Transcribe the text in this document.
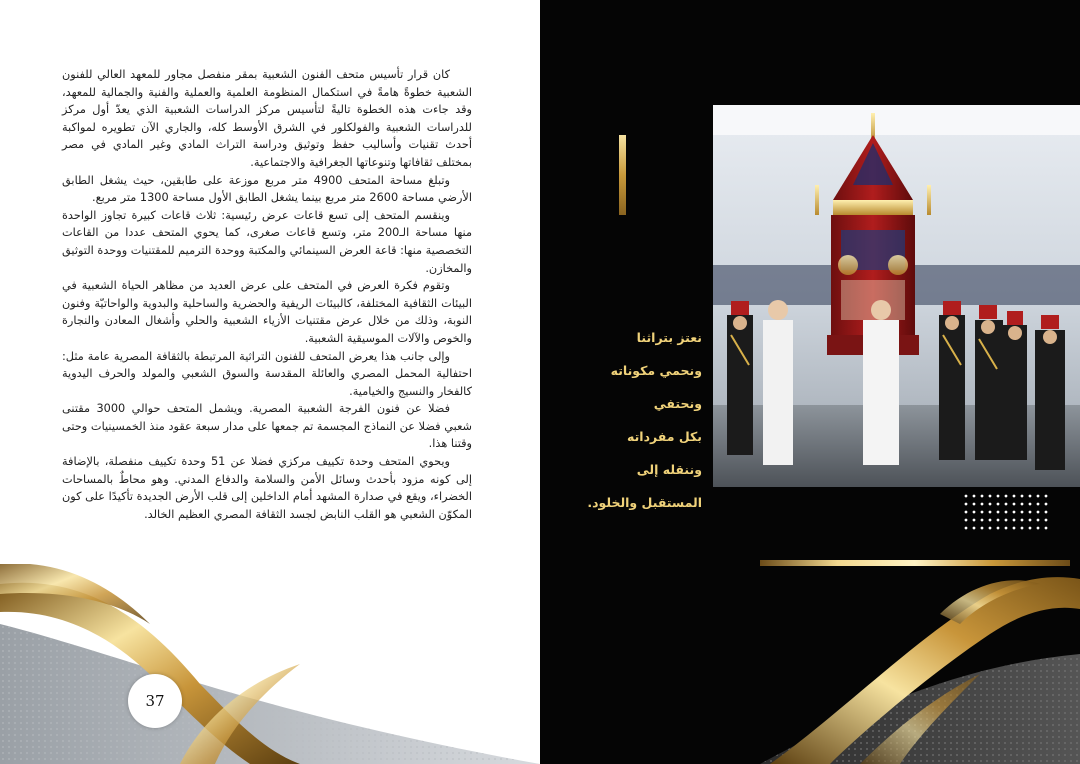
كان قرار تأسيس متحف الفنون الشعبية بمقر منفصل مجاور للمعهد العالي للفنون الشعبية خطوةً هامةً في استكمال المنظومة العلمية والعملية والفنية والجمالية للمعهد، وقد جاءت هذه الخطوة تاليةً لتأسيس مركز الدراسات الشعبية الذي يعدّ أول مركز للدراسات الشعبية والفولكلور في الشرق الأوسط كله، والجاري الآن تطويره لمواكبة أحدث تقنيات وأساليب حفظ وتوثيق ودراسة التراث المادي وغير المادي في مصر بمختلف ثقافاتها وتنوعاتها الجغرافية والاجتماعية.

وتبلغ مساحة المتحف 4900 متر مربع موزعة على طابقين، حيث يشغل الطابق الأرضي مساحة 2600 متر مربع بينما يشغل الطابق الأول مساحة 1300 متر مربع.

وينقسم المتحف إلى تسع قاعات عرض رئيسية: ثلاث قاعات كبيرة تجاوز الواحدة منها مساحة الـ200 متر، وتسع قاعات صغرى، كما يحوي المتحف عددا من القاعات التخصصية منها: قاعة العرض السينمائي والمكتبة ووحدة الترميم للمقتنيات ووحدة التوثيق والمخازن.

وتقوم فكرة العرض في المتحف على عرض العديد من مظاهر الحياة الشعبية في البيئات الثقافية المختلفة، كالبيئات الريفية والحضرية والساحلية والبدوية والواحاتيّة وفنون النوبة، وذلك من خلال عرض مقتنيات الأزياء الشعبية والحلي وأشغال المعادن والنجارة والخوص والآلات الموسيقية الشعبية.

وإلى جانب هذا يعرض المتحف للفنون التراثية المرتبطة بالثقافة المصرية عامة مثل: احتفالية المحمل المصري والعائلة المقدسة والسوق الشعبي والمولد والحرف اليدوية كالفخار والنسيج والخيامية.

فضلا عن فنون الفرجة الشعبية المصرية. ويشمل المتحف حوالي 3000 مقتنى شعبي فضلا عن النماذج المجسمة تم جمعها على مدار سبعة عقود منذ الخمسينيات وحتى وقتنا هذا.

ويحوي المتحف وحدة تكييف مركزي فضلا عن 51 وحدة تكييف منفصلة، بالإضافة إلى كونه مزود بأحدث وسائل الأمن والسلامة والدفاع المدني. وهو محاطٌ بالمساحات الخضراء، ويقع في صدارة المشهد أمام الداخلين إلى قلب الأرض الجديدة تأكيدًا على كون المكوّن الشعبي هو القلب النابض لجسد الثقافة المصري العظيم الخالد.

37
نعتز بتراثنا
ونحمي مكوناته
ونحتفي
بكل مفرداته
وننقله إلى
المستقبل والخلود.
